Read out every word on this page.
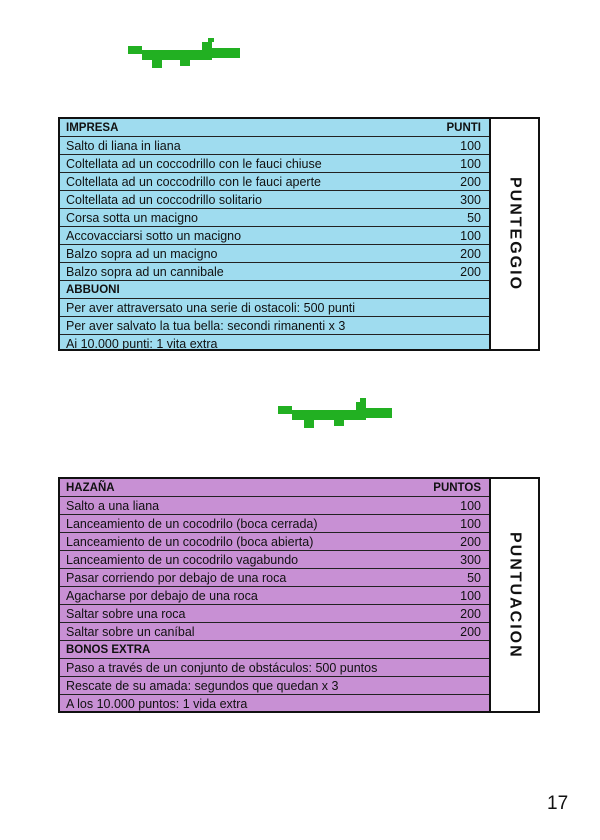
IMPRESA	PUNTI
Salto di liana in liana	100
Coltellata ad un coccodrillo con le fauci chiuse	100
Coltellata ad un coccodrillo con le fauci aperte	200
Coltellata ad un coccodrillo solitario	300
Corsa sotta un macigno	50
Accovacciarsi sotto un macigno	100
Balzo sopra ad un macigno	200
Balzo sopra ad un cannibale	200
ABBUONI
Per aver attraversato una serie di ostacoli: 500 punti
Per aver salvato la tua bella: secondi rimanenti x 3
Ai 10.000 punti: 1 vita extra
PUNTEGGIO
HAZAÑA	PUNTOS
Salto a una liana	100
Lanceamiento de un cocodrilo (boca cerrada)	100
Lanceamiento de un cocodrilo (boca abierta)	200
Lanceamiento de un cocodrilo vagabundo	300
Pasar corriendo por debajo de una roca	50
Agacharse por debajo de una roca	100
Saltar sobre una roca	200
Saltar sobre un caníbal	200
BONOS EXTRA
Paso a través de un conjunto de obstáculos: 500 puntos
Rescate de su amada: segundos que quedan x 3
A los 10.000 puntos: 1 vida extra
PUNTUACION
17
